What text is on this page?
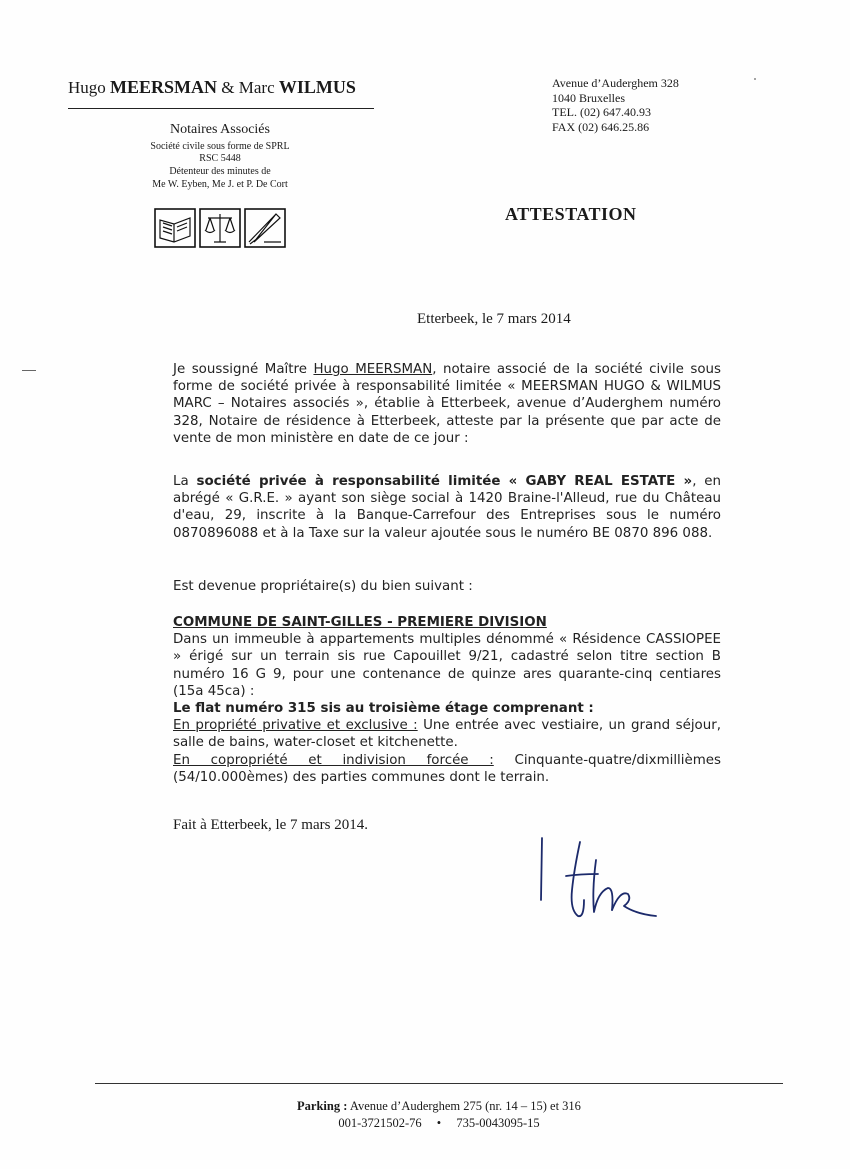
Hugo MEERSMAN & Marc WILMUS
Notaires Associés
Société civile sous forme de SPRL
RSC 5448
Détenteur des minutes de
Me W. Eyben, Me J. et P. De Cort
Avenue d’Auderghem 328
1040 Bruxelles
TEL. (02) 647.40.93
FAX (02) 646.25.86
ATTESTATION
Etterbeek, le 7 mars 2014

Je soussigné Maître Hugo MEERSMAN, notaire associé de la société civile sous forme de société privée à responsabilité limitée « MEERSMAN HUGO & WILMUS MARC – Notaires associés », établie à Etterbeek, avenue d’Auderghem numéro 328, Notaire de résidence à Etterbeek, atteste par la présente que par acte de vente de mon ministère en date de ce jour :

La société privée à responsabilité limitée « GABY REAL ESTATE », en abrégé « G.R.E. » ayant son siège social à 1420 Braine-l'Alleud, rue du Château d'eau, 29, inscrite à la Banque-Carrefour des Entreprises sous le numéro 0870896088 et à la Taxe sur la valeur ajoutée sous le numéro BE 0870 896 088.

Est devenue propriétaire(s) du bien suivant :

COMMUNE DE SAINT-GILLES - PREMIERE DIVISION

Dans un immeuble à appartements multiples dénommé « Résidence CASSIOPEE » érigé sur un terrain sis rue Capouillet 9/21, cadastré selon titre section B numéro 16 G 9, pour une contenance de quinze ares quarante-cinq centiares (15a 45ca) :

Le flat numéro 315 sis au troisième étage comprenant :

En propriété privative et exclusive : Une entrée avec vestiaire, un grand séjour, salle de bains, water-closet et kitchenette.

En copropriété et indivision forcée : Cinquante-quatre/dixmillièmes (54/10.000èmes) des parties communes dont le terrain.

Fait à Etterbeek, le 7 mars 2014.
Parking : Avenue d’Auderghem 275 (nr. 14 – 15) et 316
001-3721502-76 • 735-0043095-15
